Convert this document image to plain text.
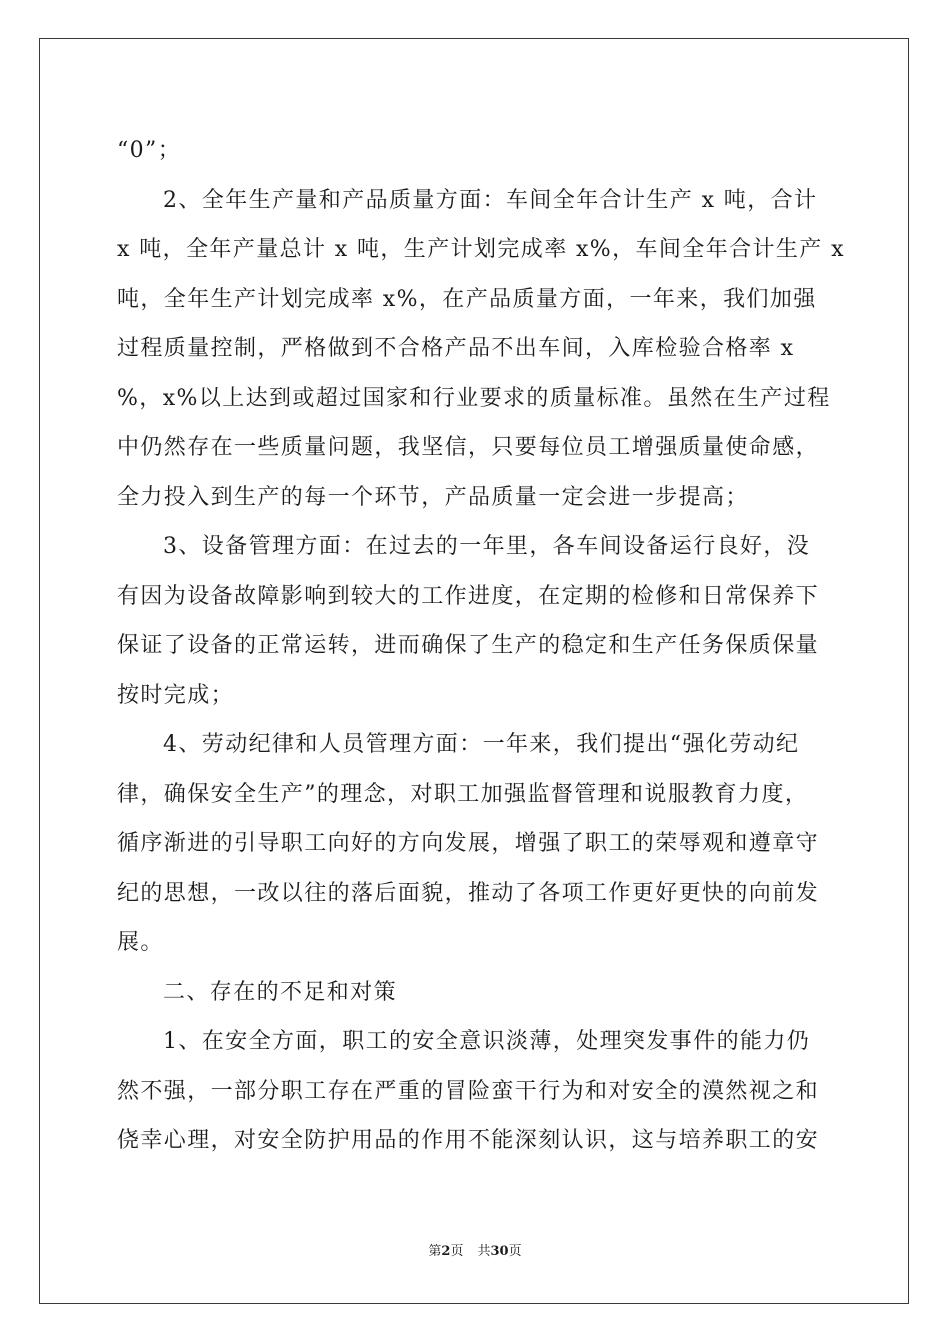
“0”；
2、全年生产量和产品质量方面：车间全年合计生产 x 吨，合计
x 吨，全年产量总计 x 吨，生产计划完成率 x%，车间全年合计生产 x
吨，全年生产计划完成率 x%，在产品质量方面，一年来，我们加强
过程质量控制，严格做到不合格产品不出车间，入库检验合格率 x
%，x%以上达到或超过国家和行业要求的质量标准。虽然在生产过程
中仍然存在一些质量问题，我坚信，只要每位员工增强质量使命感，
全力投入到生产的每一个环节，产品质量一定会进一步提高；
3、设备管理方面：在过去的一年里，各车间设备运行良好，没
有因为设备故障影响到较大的工作进度，在定期的检修和日常保养下
保证了设备的正常运转，进而确保了生产的稳定和生产任务保质保量
按时完成；
4、劳动纪律和人员管理方面：一年来，我们提出“强化劳动纪
律，确保安全生产”的理念，对职工加强监督管理和说服教育力度，
循序渐进的引导职工向好的方向发展，增强了职工的荣辱观和遵章守
纪的思想，一改以往的落后面貌，推动了各项工作更好更快的向前发
展。
二、存在的不足和对策
1、在安全方面，职工的安全意识淡薄，处理突发事件的能力仍
然不强，一部分职工存在严重的冒险蛮干行为和对安全的漠然视之和
侥幸心理，对安全防护用品的作用不能深刻认识，这与培养职工的安
第2页 共30页
